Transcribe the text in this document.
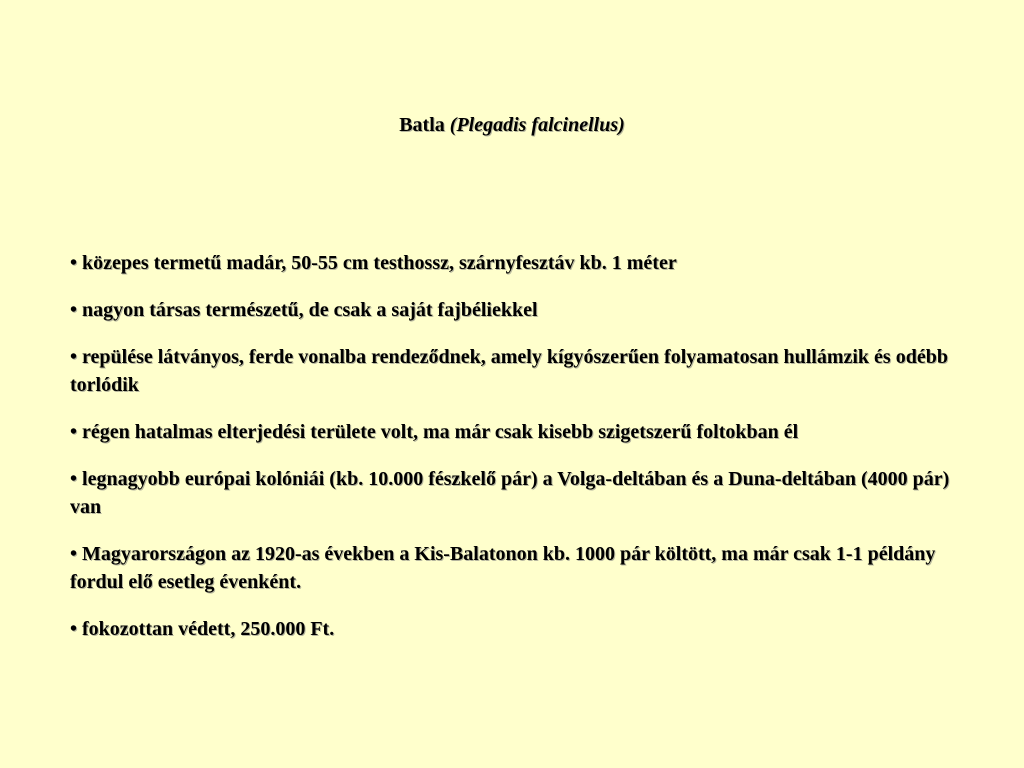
Batla (Plegadis falcinellus)
• közepes termetű madár, 50-55 cm testhossz, szárnyfesztáv kb. 1 méter
• nagyon társas természetű, de csak a saját fajbéliekkel
• repülése látványos, ferde vonalba rendeződnek, amely kígyószerűen folyamatosan hullámzik és odébb torlódik
• régen hatalmas elterjedési területe volt, ma már csak kisebb szigetszerű foltokban él
• legnagyobb európai kolóniái (kb. 10.000 fészkelő pár) a Volga-deltában és a Duna-deltában (4000 pár) van
• Magyarországon az 1920-as években a Kis-Balatonon kb. 1000 pár költött, ma már csak 1-1 példány fordul elő esetleg évenként.
• fokozottan védett, 250.000 Ft.
